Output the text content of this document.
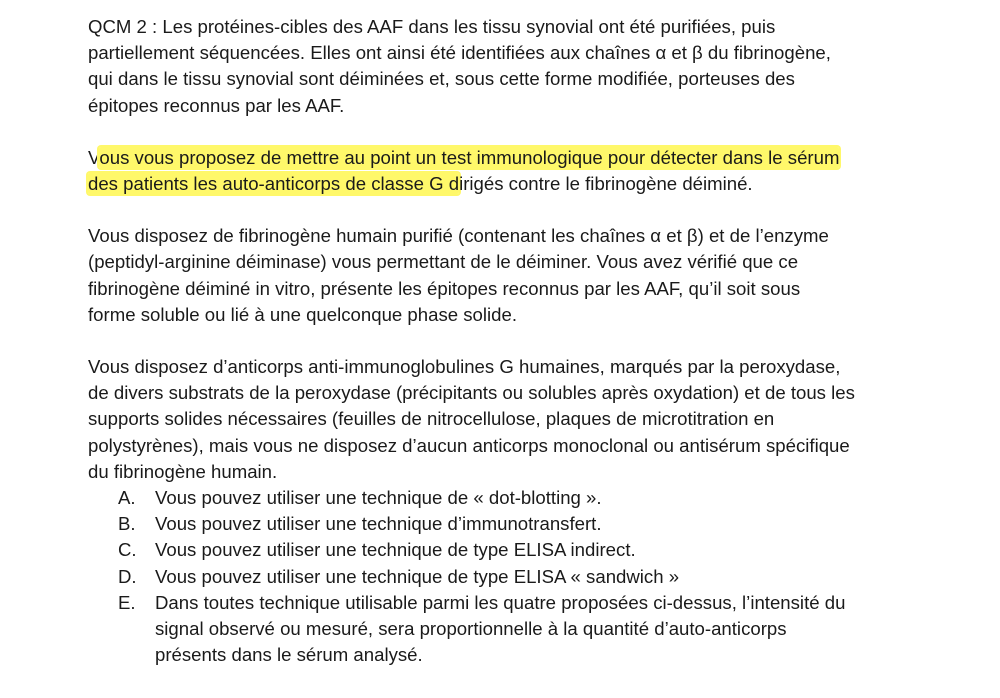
QCM 2 : Les protéines-cibles des AAF dans les tissu synovial ont été purifiées, puis
partiellement séquencées. Elles ont ainsi été identifiées aux chaînes α et β du fibrinogène,
qui dans le tissu synovial sont déiminées et, sous cette forme modifiée, porteuses des
épitopes reconnus par les AAF.

Vous vous proposez de mettre au point un test immunologique pour détecter dans le sérum
des patients les auto-anticorps de classe G dirigés contre le fibrinogène déiminé.

Vous disposez de fibrinogène humain purifié (contenant les chaînes α et β) et de l’enzyme
(peptidyl-arginine déiminase) vous permettant de le déiminer. Vous avez vérifié que ce
fibrinogène déiminé in vitro, présente les épitopes reconnus par les AAF, qu’il soit sous
forme soluble ou lié à une quelconque phase solide.

Vous disposez d’anticorps anti-immunoglobulines G humaines, marqués par la peroxydase,
de divers substrats de la peroxydase (précipitants ou solubles après oxydation) et de tous les
supports solides nécessaires (feuilles de nitrocellulose, plaques de microtitration en
polystyrènes), mais vous ne disposez d’aucun anticorps monoclonal ou antisérum spécifique
du fibrinogène humain.

A. Vous pouvez utiliser une technique de « dot-blotting ».
B. Vous pouvez utiliser une technique d’immunotransfert.
C. Vous pouvez utiliser une technique de type ELISA indirect.
D. Vous pouvez utiliser une technique de type ELISA « sandwich »
E. Dans toutes technique utilisable parmi les quatre proposées ci-dessus, l’intensité du
signal observé ou mesuré, sera proportionnelle à la quantité d’auto-anticorps
présents dans le sérum analysé.
